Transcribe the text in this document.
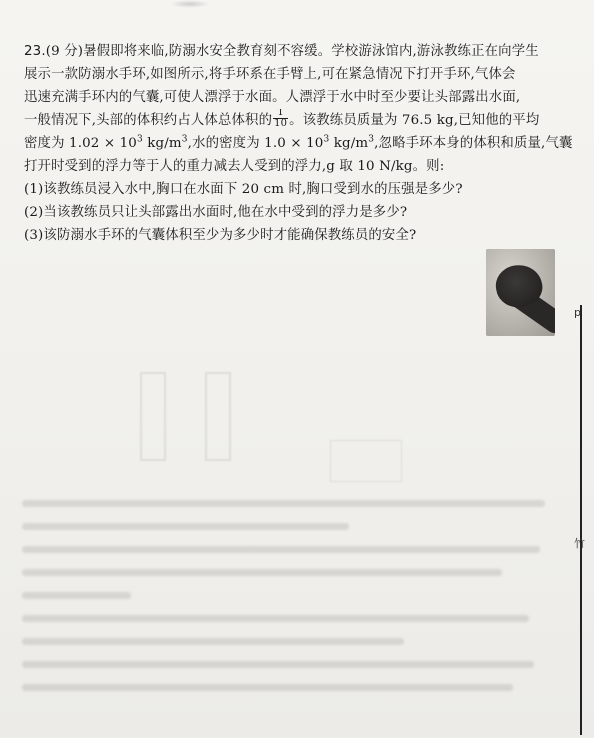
23.(9 分)暑假即将来临,防溺水安全教育刻不容缓。学校游泳馆内,游泳教练正在向学生
展示一款防溺水手环,如图所示,将手环系在手臂上,可在紧急情况下打开手环,气体会
迅速充满手环内的气囊,可使人漂浮于水面。人漂浮于水中时至少要让头部露出水面,
一般情况下,头部的体积约占人体总体积的 $\frac{1}{10}$ 。该教练员质量为 76.5 kg,已知他的平均
密度为 $1.02 \times 10^3$ $kg/m^3$,水的密度为 $1.0 \times 10^3$ $kg/m^3$,忽略手环本身的体积和质量,气囊
打开时受到的浮力等于人的重力减去人受到的浮力,g 取 10 N/kg。则:
(1)该教练员浸入水中,胸口在水面下 20 cm 时,胸口受到水的压强是多少?
(2)当该教练员只让头部露出水面时,他在水中受到的浮力是多少?
(3)该防溺水手环的气囊体积至少为多少时才能确保教练员的安全?
p
竹
